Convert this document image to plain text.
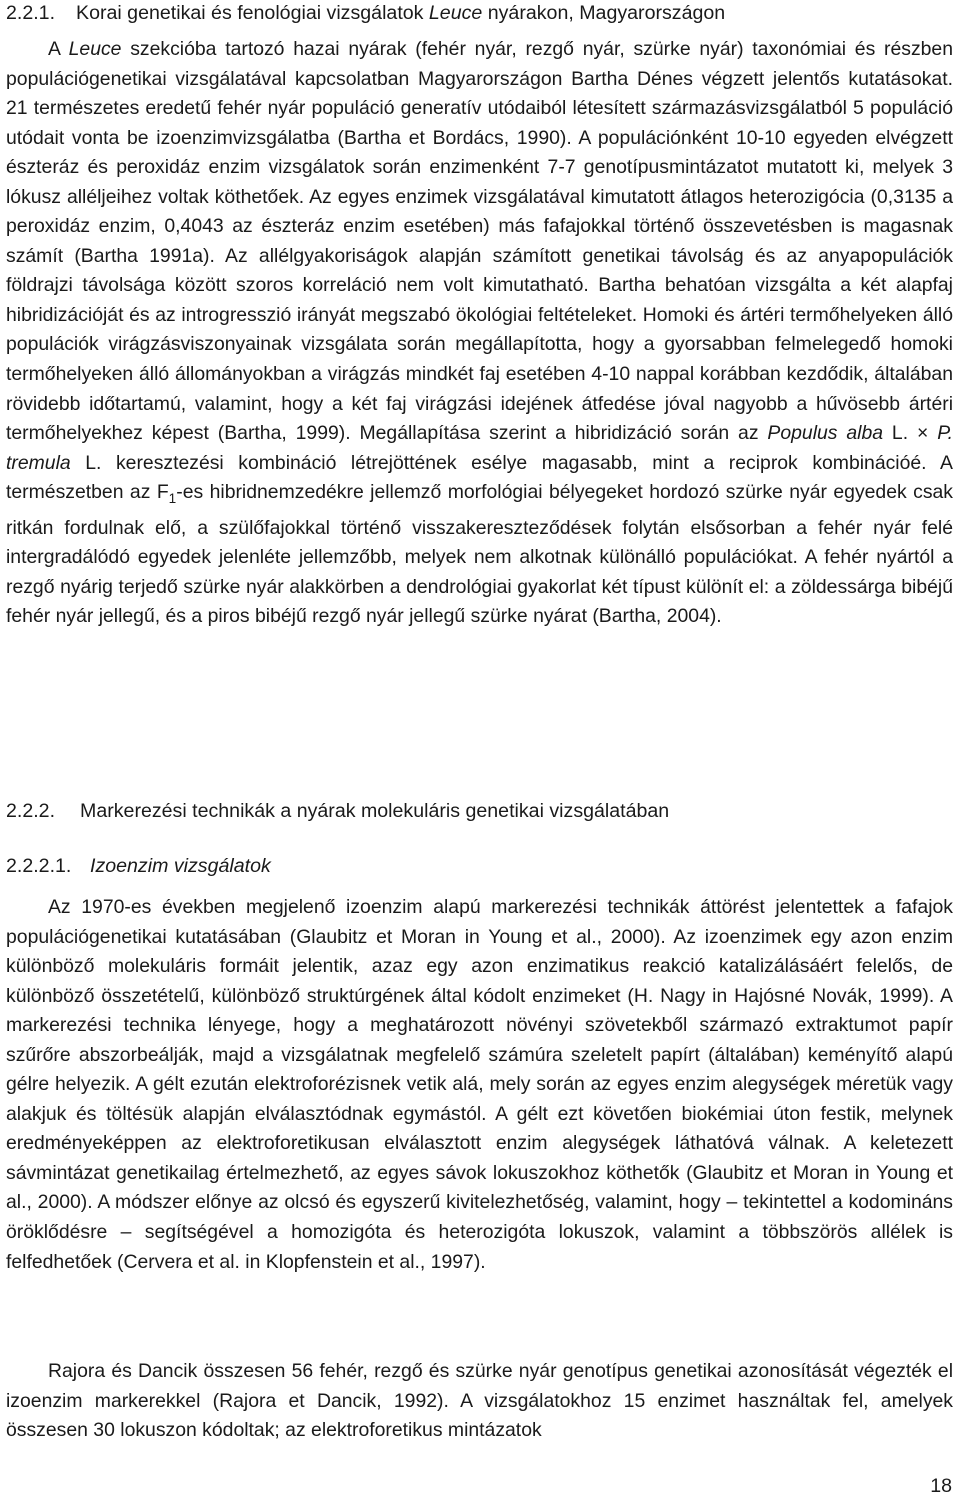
2.2.1. Korai genetikai és fenológiai vizsgálatok Leuce nyárakon, Magyarországon

A Leuce szekcióba tartozó hazai nyárak (fehér nyár, rezgő nyár, szürke nyár) taxonómiai és részben populációgenetikai vizsgálatával kapcsolatban Magyarországon Bartha Dénes végzett jelentős kutatásokat. 21 természetes eredetű fehér nyár populáció generatív utódaiból létesített származásvizsgálatból 5 populáció utódait vonta be izoenzimvizsgálatba (Bartha et Bordács, 1990). A populációnként 10-10 egyeden elvégzett észteráz és peroxidáz enzim vizsgálatok során enzimenként 7-7 genotípusmintázatot mutatott ki, melyek 3 lókusz alléljeihez voltak köthetőek. Az egyes enzimek vizsgálatával kimutatott átlagos heterozigócia (0,3135 a peroxidáz enzim, 0,4043 az észteráz enzim esetében) más fafajokkal történő összevetésben is magasnak számít (Bartha 1991a). Az allélgyakoriságok alapján számított genetikai távolság és az anyapopulációk földrajzi távolsága között szoros korreláció nem volt kimutatható. Bartha behatóan vizsgálta a két alapfaj hibridizációját és az introgresszió irányát megszabó ökológiai feltételeket. Homoki és ártéri termőhelyeken álló populációk virágzásviszonyainak vizsgálata során megállapította, hogy a gyorsabban felmelegedő homoki termőhelyeken álló állományokban a virágzás mindkét faj esetében 4-10 nappal korábban kezdődik, általában rövidebb időtartamú, valamint, hogy a két faj virágzási idejének átfedése jóval nagyobb a hűvösebb ártéri termőhelyekhez képest (Bartha, 1999). Megállapítása szerint a hibridizáció során az Populus alba L. × P. tremula L. keresztezési kombináció létrejöttének esélye magasabb, mint a reciprok kombinációé. A természetben az $F_1-es$ hibridnemzedékre jellemző morfológiai bélyegeket hordozó szürke nyár egyedek csak ritkán fordulnak elő, a szülőfajokkal történő visszakereszteződések folytán elsősorban a fehér nyár felé intergradálódó egyedek jelenléte jellemzőbb, melyek nem alkotnak különálló populációkat. A fehér nyártól a rezgő nyárig terjedő szürke nyár alakkörben a dendrológiai gyakorlat két típust különít el: a zöldessárga bibéjű fehér nyár jellegű, és a piros bibéjű rezgő nyár jellegű szürke nyárat (Bartha, 2004).

2.2.2. Markerezési technikák a nyárak molekuláris genetikai vizsgálatában
2.2.2.1. Izoenzim vizsgálatok

Az 1970-es években megjelenő izoenzim alapú markerezési technikák áttörést jelentettek a fafajok populációgenetikai kutatásában (Glaubitz et Moran in Young et al., 2000). Az izoenzimek egy azon enzim különböző molekuláris formáit jelentik, azaz egy azon enzimatikus reakció katalizálásáért felelős, de különböző összetételű, különböző struktúrgének által kódolt enzimeket (H. Nagy in Hajósné Novák, 1999). A markerezési technika lényege, hogy a meghatározott növényi szövetekből származó extraktumot papír szűrőre abszorbeálják, majd a vizsgálatnak megfelelő számúra szeletelt papírt (általában) keményítő alapú gélre helyezik. A gélt ezután elektroforézisnek vetik alá, mely során az egyes enzim alegységek méretük vagy alakjuk és töltésük alapján elválasztódnak egymástól. A gélt ezt követően biokémiai úton festik, melynek eredményeképpen az elektroforetikusan elválasztott enzim alegységek láthatóvá válnak. A keletezett sávmintázat genetikailag értelmezhető, az egyes sávok lokuszokhoz köthetők (Glaubitz et Moran in Young et al., 2000). A módszer előnye az olcsó és egyszerű kivitelezhetőség, valamint, hogy – tekintettel a kodomináns öröklődésre – segítségével a homozigóta és heterozigóta lokuszok, valamint a többszörös allélek is felfedhetőek (Cervera et al. in Klopfenstein et al., 1997).

Rajora és Dancik összesen 56 fehér, rezgő és szürke nyár genotípus genetikai azonosítását végezték el izoenzim markerekkel (Rajora et Dancik, 1992). A vizsgálatokhoz 15 enzimet használtak fel, amelyek összesen 30 lokuszon kódoltak; az elektroforetikus mintázatok

18
